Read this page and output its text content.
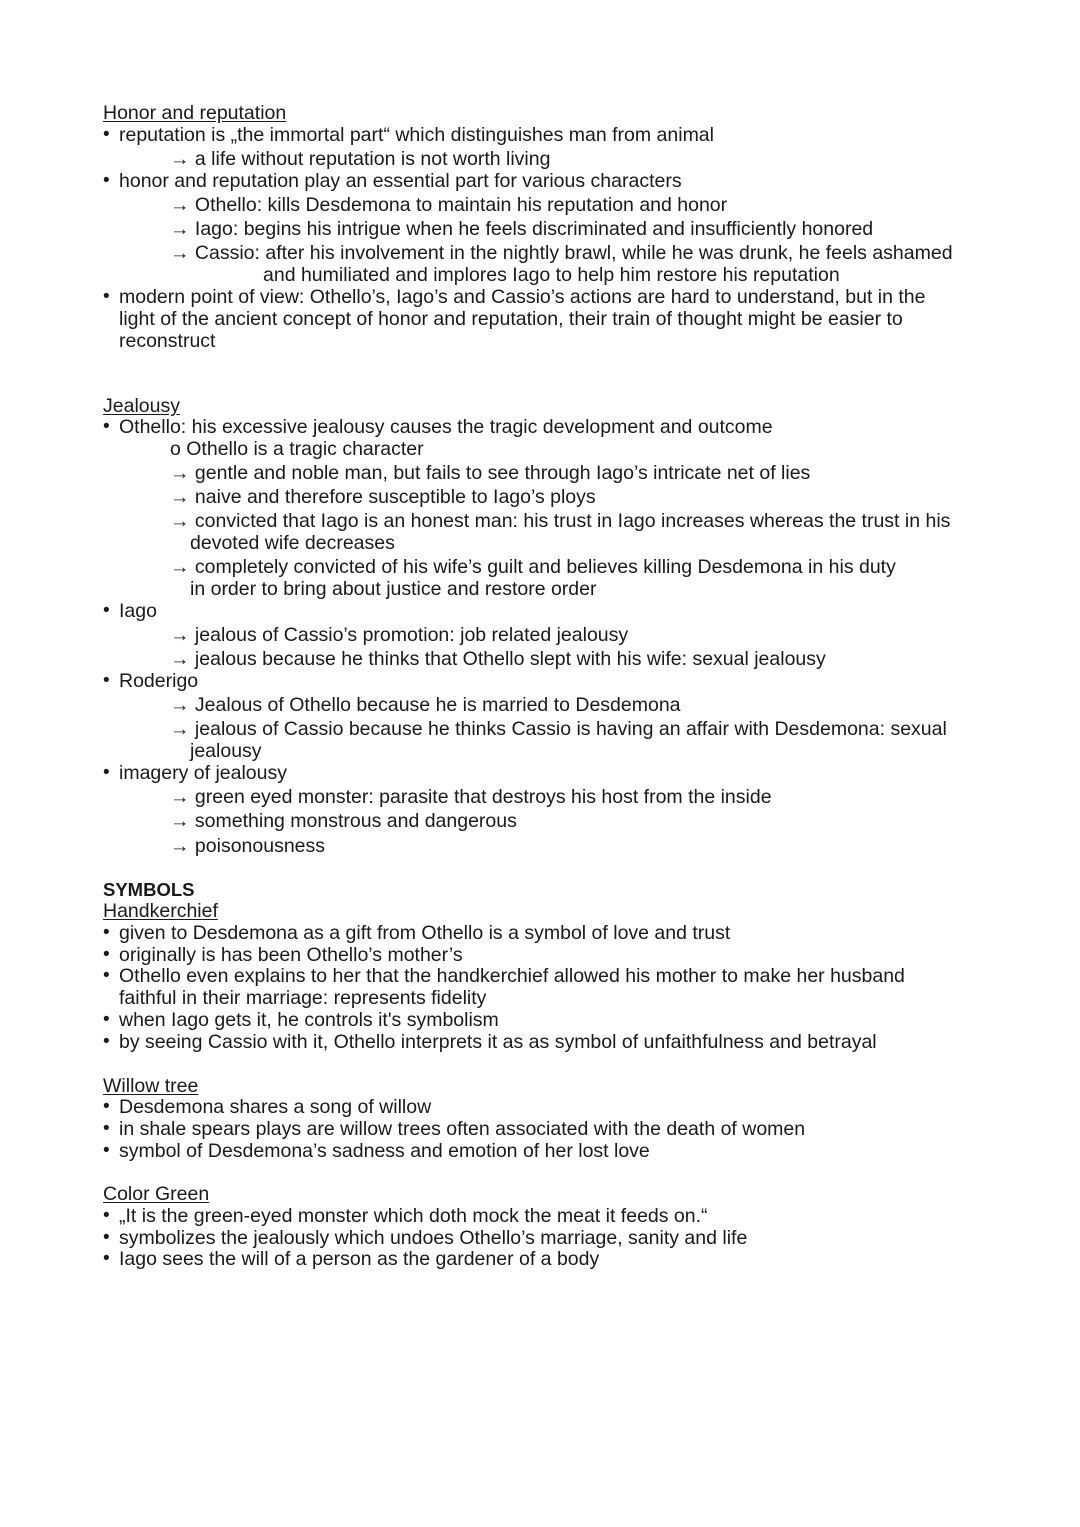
Honor and reputation
• reputation is „the immortal part“ which distinguishes man from animal
→ a life without reputation is not worth living
• honor and reputation play an essential part for various characters
→ Othello: kills Desdemona to maintain his reputation and honor
→ Iago: begins his intrigue when he feels discriminated and insufficiently honored
→ Cassio: after his involvement in the nightly brawl, while he was drunk, he feels ashamed
and humiliated and implores Iago to help him restore his reputation
• modern point of view: Othello’s, Iago’s and Cassio’s actions are hard to understand, but in the
light of the ancient concept of honor and reputation, their train of thought might be easier to
reconstruct
Jealousy
• Othello: his excessive jealousy causes the tragic development and outcome
o Othello is a tragic character
→ gentle and noble man, but fails to see through Iago’s intricate net of lies
→ naive and therefore susceptible to Iago’s ploys
→ convicted that Iago is an honest man: his trust in Iago increases whereas the trust in his
devoted wife decreases
→ completely convicted of his wife’s guilt and believes killing Desdemona in his duty
in order to bring about justice and restore order
• Iago
→ jealous of Cassio’s promotion: job related jealousy
→ jealous because he thinks that Othello slept with his wife: sexual jealousy
• Roderigo
→ Jealous of Othello because he is married to Desdemona
→ jealous of Cassio because he thinks Cassio is having an affair with Desdemona: sexual
jealousy
• imagery of jealousy
→ green eyed monster: parasite that destroys his host from the inside
→ something monstrous and dangerous
→ poisonousness
SYMBOLS
Handkerchief
• given to Desdemona as a gift from Othello is a symbol of love and trust
• originally is has been Othello’s mother’s
• Othello even explains to her that the handkerchief allowed his mother to make her husband
faithful in their marriage: represents fidelity
• when Iago gets it, he controls it's symbolism
• by seeing Cassio with it, Othello interprets it as as symbol of unfaithfulness and betrayal
Willow tree
• Desdemona shares a song of willow
• in shale spears plays are willow trees often associated with the death of women
• symbol of Desdemona’s sadness and emotion of her lost love
Color Green
• „It is the green-eyed monster which doth mock the meat it feeds on.“
• symbolizes the jealously which undoes Othello’s marriage, sanity and life
• Iago sees the will of a person as the gardener of a body
